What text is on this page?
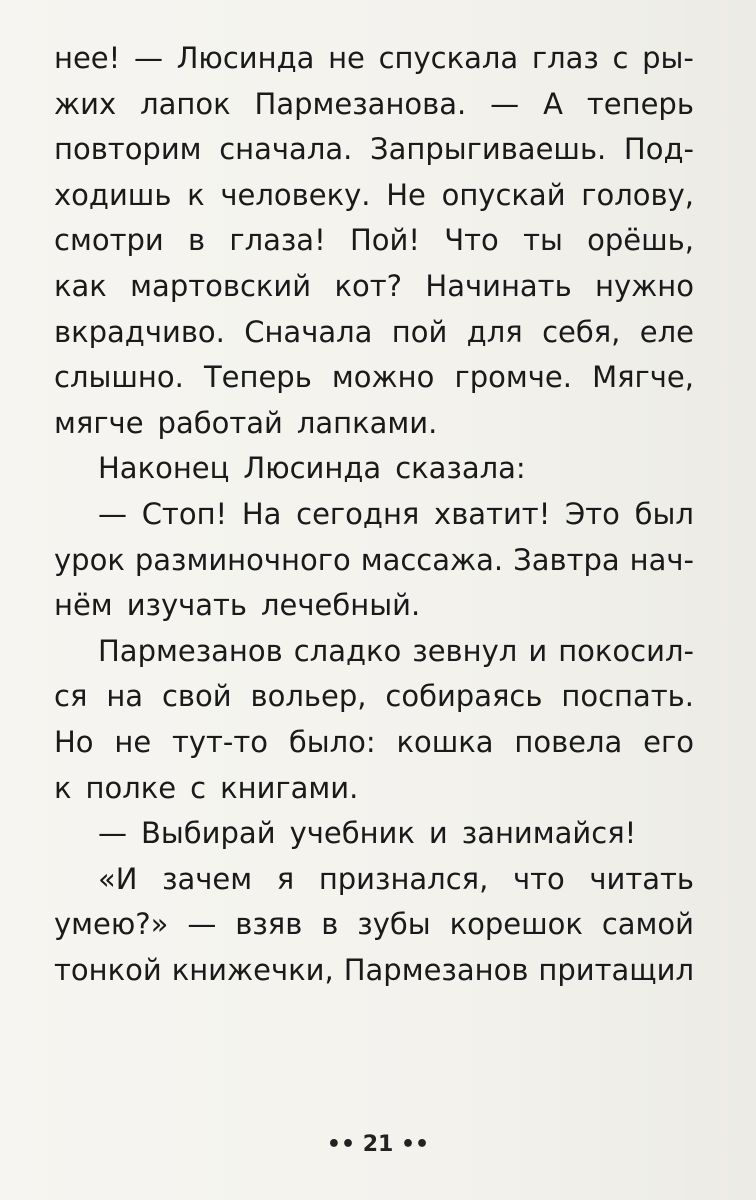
нее! — Люсинда не спускала глаз с ры-
жих лапок Пармезанова. — А теперь
повторим сначала. Запрыгиваешь. Под-
ходишь к человеку. Не опускай голову,
смотри в глаза! Пой! Что ты орёшь,
как мартовский кот? Начинать нужно
вкрадчиво. Сначала пой для себя, еле
слышно. Теперь можно громче. Мягче,
мягче работай лапками.
Наконец Люсинда сказала:
— Стоп! На сегодня хватит! Это был
урок разминочного массажа. Завтра нач-
нём изучать лечебный.
Пармезанов сладко зевнул и покосил-
ся на свой вольер, собираясь поспать.
Но не тут-то было: кошка повела его
к полке с книгами.
— Выбирай учебник и занимайся!
«И зачем я признался, что читать
умею?» — взяв в зубы корешок самой
тонкой книжечки, Пармезанов притащил
•• 21 ••
